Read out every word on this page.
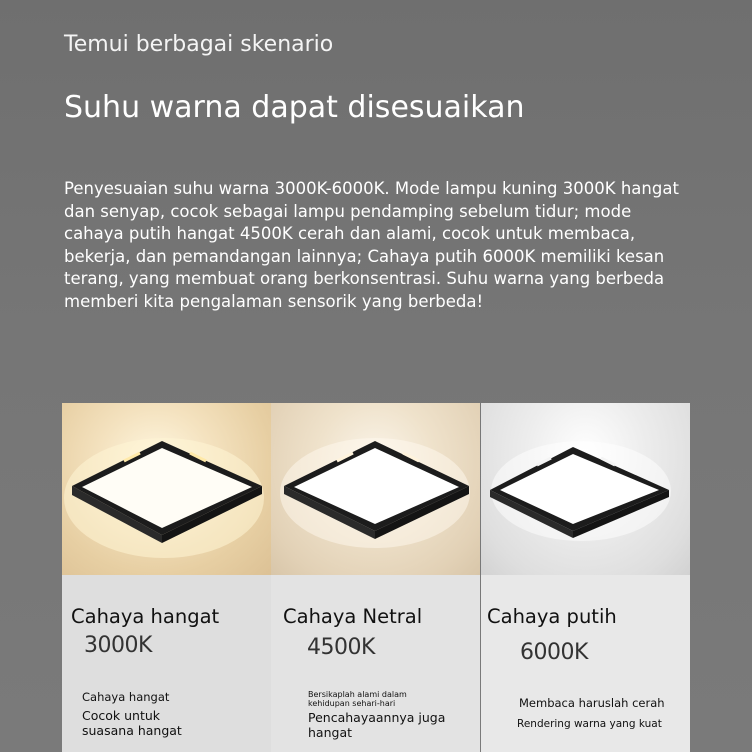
Temui berbagai skenario
Suhu warna dapat disesuaikan
Penyesuaian suhu warna 3000K-6000K. Mode lampu kuning 3000K hangat dan senyap, cocok sebagai lampu pendamping sebelum tidur; mode cahaya putih hangat 4500K cerah dan alami, cocok untuk membaca, bekerja, dan pemandangan lainnya; Cahaya putih 6000K memiliki kesan terang, yang membuat orang berkonsentrasi. Suhu warna yang berbeda memberi kita pengalaman sensorik yang berbeda!
Cahaya hangat
3000K
Cahaya hangat
Cocok untuk
suasana hangat
Cahaya Netral
4500K
Bersikaplah alami dalam
kehidupan sehari-hari
Pencahayaannya juga
hangat
Cahaya putih
6000K
Membaca haruslah cerah
Rendering warna yang kuat
